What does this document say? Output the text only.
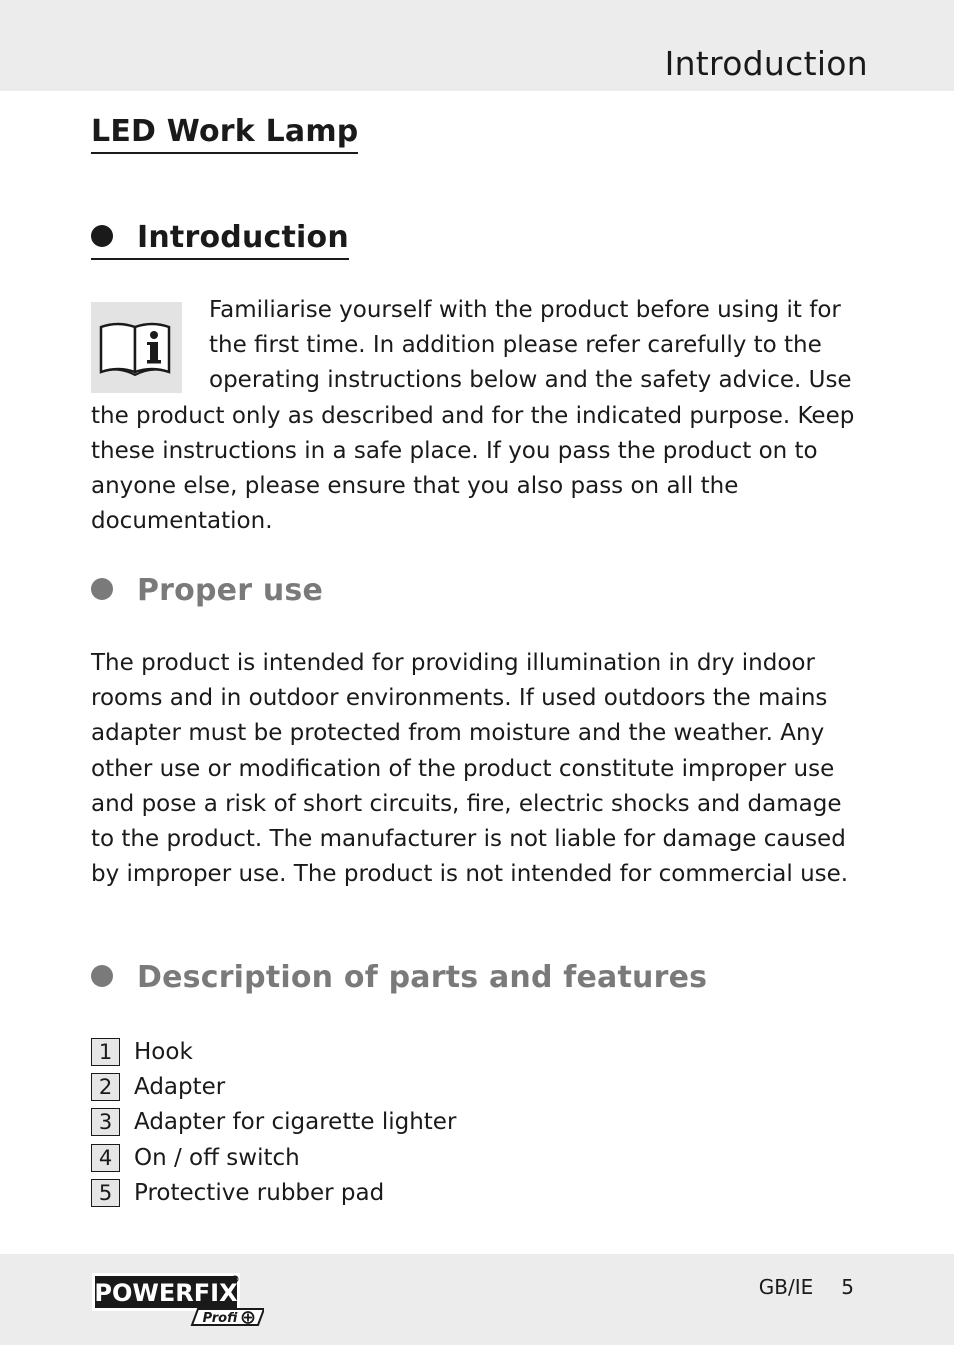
Introduction
LED Work Lamp
Introduction
Familiarise yourself with the product before using it for the first time. In addition please refer carefully to the operating instructions below and the safety advice. Use the product only as described and for the indicated purpose. Keep these instructions in a safe place. If you pass the product on to anyone else, please ensure that you also pass on all the documentation.
Proper use

The product is intended for providing illumination in dry indoor rooms and in outdoor environments. If used outdoors the mains adapter must be protected from moisture and the weather. Any other use or modification of the product constitute improper use and pose a risk of short circuits, fire, electric shocks and damage to the product. The manufacturer is not liable for damage caused by improper use. The product is not intended for commercial use.

Description of parts and features
1 Hook
2 Adapter
3 Adapter for cigarette lighter
4 On / off switch
5 Protective rubber pad
POWERFIX
Profi
GB/IE 5
